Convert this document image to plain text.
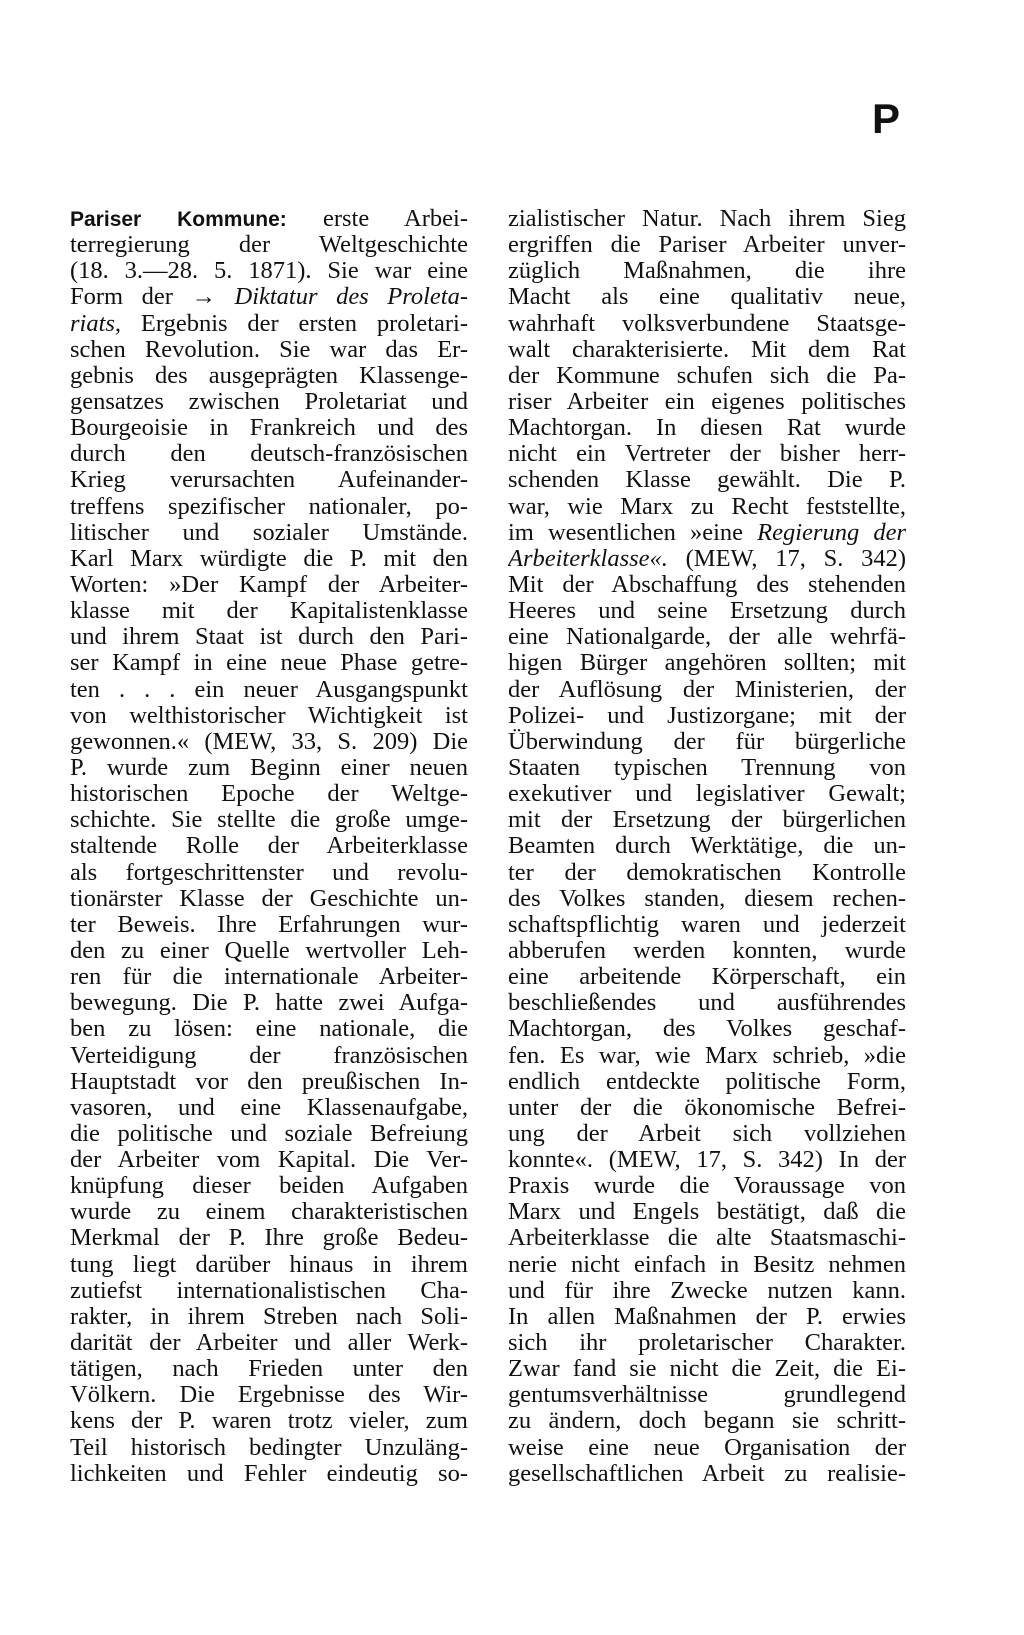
P
Pariser Kommune: erste Arbei-
terregierung der Weltgeschichte
(18. 3.—28. 5. 1871). Sie war eine
Form der → Diktatur des Proleta-
riats, Ergebnis der ersten proletari-
schen Revolution. Sie war das Er-
gebnis des ausgeprägten Klassenge-
gensatzes zwischen Proletariat und
Bourgeoisie in Frankreich und des
durch den deutsch-französischen
Krieg verursachten Aufeinander-
treffens spezifischer nationaler, po-
litischer und sozialer Umstände.
Karl Marx würdigte die P. mit den
Worten: »Der Kampf der Arbeiter-
klasse mit der Kapitalistenklasse
und ihrem Staat ist durch den Pari-
ser Kampf in eine neue Phase getre-
ten . . . ein neuer Ausgangspunkt
von welthistorischer Wichtigkeit ist
gewonnen.« (MEW, 33, S. 209) Die
P. wurde zum Beginn einer neuen
historischen Epoche der Weltge-
schichte. Sie stellte die große umge-
staltende Rolle der Arbeiterklasse
als fortgeschrittenster und revolu-
tionärster Klasse der Geschichte un-
ter Beweis. Ihre Erfahrungen wur-
den zu einer Quelle wertvoller Leh-
ren für die internationale Arbeiter-
bewegung. Die P. hatte zwei Aufga-
ben zu lösen: eine nationale, die
Verteidigung der französischen
Hauptstadt vor den preußischen In-
vasoren, und eine Klassenaufgabe,
die politische und soziale Befreiung
der Arbeiter vom Kapital. Die Ver-
knüpfung dieser beiden Aufgaben
wurde zu einem charakteristischen
Merkmal der P. Ihre große Bedeu-
tung liegt darüber hinaus in ihrem
zutiefst internationalistischen Cha-
rakter, in ihrem Streben nach Soli-
darität der Arbeiter und aller Werk-
tätigen, nach Frieden unter den
Völkern. Die Ergebnisse des Wir-
kens der P. waren trotz vieler, zum
Teil historisch bedingter Unzuläng-
lichkeiten und Fehler eindeutig so-
zialistischer Natur. Nach ihrem Sieg
ergriffen die Pariser Arbeiter unver-
züglich Maßnahmen, die ihre
Macht als eine qualitativ neue,
wahrhaft volksverbundene Staatsge-
walt charakterisierte. Mit dem Rat
der Kommune schufen sich die Pa-
riser Arbeiter ein eigenes politisches
Machtorgan. In diesen Rat wurde
nicht ein Vertreter der bisher herr-
schenden Klasse gewählt. Die P.
war, wie Marx zu Recht feststellte,
im wesentlichen »eine Regierung der
Arbeiterklasse«. (MEW, 17, S. 342)
Mit der Abschaffung des stehenden
Heeres und seine Ersetzung durch
eine Nationalgarde, der alle wehrfä-
higen Bürger angehören sollten; mit
der Auflösung der Ministerien, der
Polizei- und Justizorgane; mit der
Überwindung der für bürgerliche
Staaten typischen Trennung von
exekutiver und legislativer Gewalt;
mit der Ersetzung der bürgerlichen
Beamten durch Werktätige, die un-
ter der demokratischen Kontrolle
des Volkes standen, diesem rechen-
schaftspflichtig waren und jederzeit
abberufen werden konnten, wurde
eine arbeitende Körperschaft, ein
beschließendes und ausführendes
Machtorgan, des Volkes geschaf-
fen. Es war, wie Marx schrieb, »die
endlich entdeckte politische Form,
unter der die ökonomische Befrei-
ung der Arbeit sich vollziehen
konnte«. (MEW, 17, S. 342) In der
Praxis wurde die Voraussage von
Marx und Engels bestätigt, daß die
Arbeiterklasse die alte Staatsmaschi-
nerie nicht einfach in Besitz nehmen
und für ihre Zwecke nutzen kann.
In allen Maßnahmen der P. erwies
sich ihr proletarischer Charakter.
Zwar fand sie nicht die Zeit, die Ei-
gentumsverhältnisse grundlegend
zu ändern, doch begann sie schritt-
weise eine neue Organisation der
gesellschaftlichen Arbeit zu realisie-
